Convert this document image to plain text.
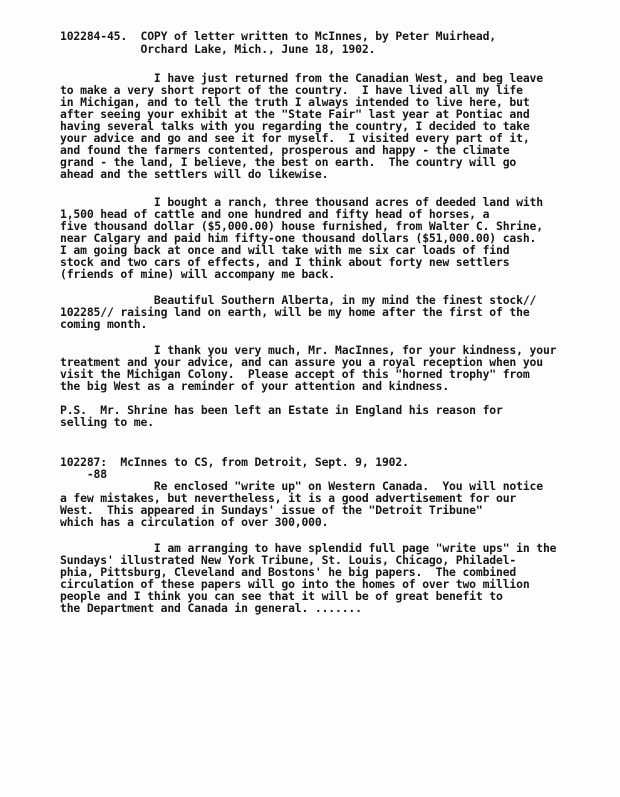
102284-45.  COPY of letter written to McInnes, by Peter Muirhead,
Orchard Lake, Mich., June 18, 1902.
I have just returned from the Canadian West, and beg leave
to make a very short report of the country.  I have lived all my life
in Michigan, and to tell the truth I always intended to live here, but
after seeing your exhibit at the "State Fair" last year at Pontiac and
having several talks with you regarding the country, I decided to take
your advice and go and see it for myself.  I visited every part of it,
and found the farmers contented, prosperous and happy - the climate
grand - the land, I believe, the best on earth.  The country will go
ahead and the settlers will do likewise.
I bought a ranch, three thousand acres of deeded land with
1,500 head of cattle and one hundred and fifty head of horses, a
five thousand dollar ($5,000.00) house furnished, from Walter C. Shrine,
near Calgary and paid him fifty-one thousand dollars ($51,000.00) cash.
I am going back at once and will take with me six car loads of find
stock and two cars of effects, and I think about forty new settlers
(friends of mine) will accompany me back.
Beautiful Southern Alberta, in my mind the finest stock//
102285// raising land on earth, will be my home after the first of the
coming month.
I thank you very much, Mr. MacInnes, for your kindness, your
treatment and your advice, and can assure you a royal reception when you
visit the Michigan Colony.  Please accept of this "horned trophy" from
the big West as a reminder of your attention and kindness.
P.S.  Mr. Shrine has been left an Estate in England his reason for
selling to me.
102287:  McInnes to CS, from Detroit, Sept. 9, 1902.
-88
Re enclosed "write up" on Western Canada.  You will notice
a few mistakes, but nevertheless, it is a good advertisement for our
West.  This appeared in Sundays' issue of the "Detroit Tribune"
which has a circulation of over 300,000.
I am arranging to have splendid full page "write ups" in the
Sundays' illustrated New York Tribune, St. Louis, Chicago, Philadel-
phia, Pittsburg, Cleveland and Bostons' he big papers.  The combined
circulation of these papers will go into the homes of over two million
people and I think you can see that it will be of great benefit to
the Department and Canada in general. .......
